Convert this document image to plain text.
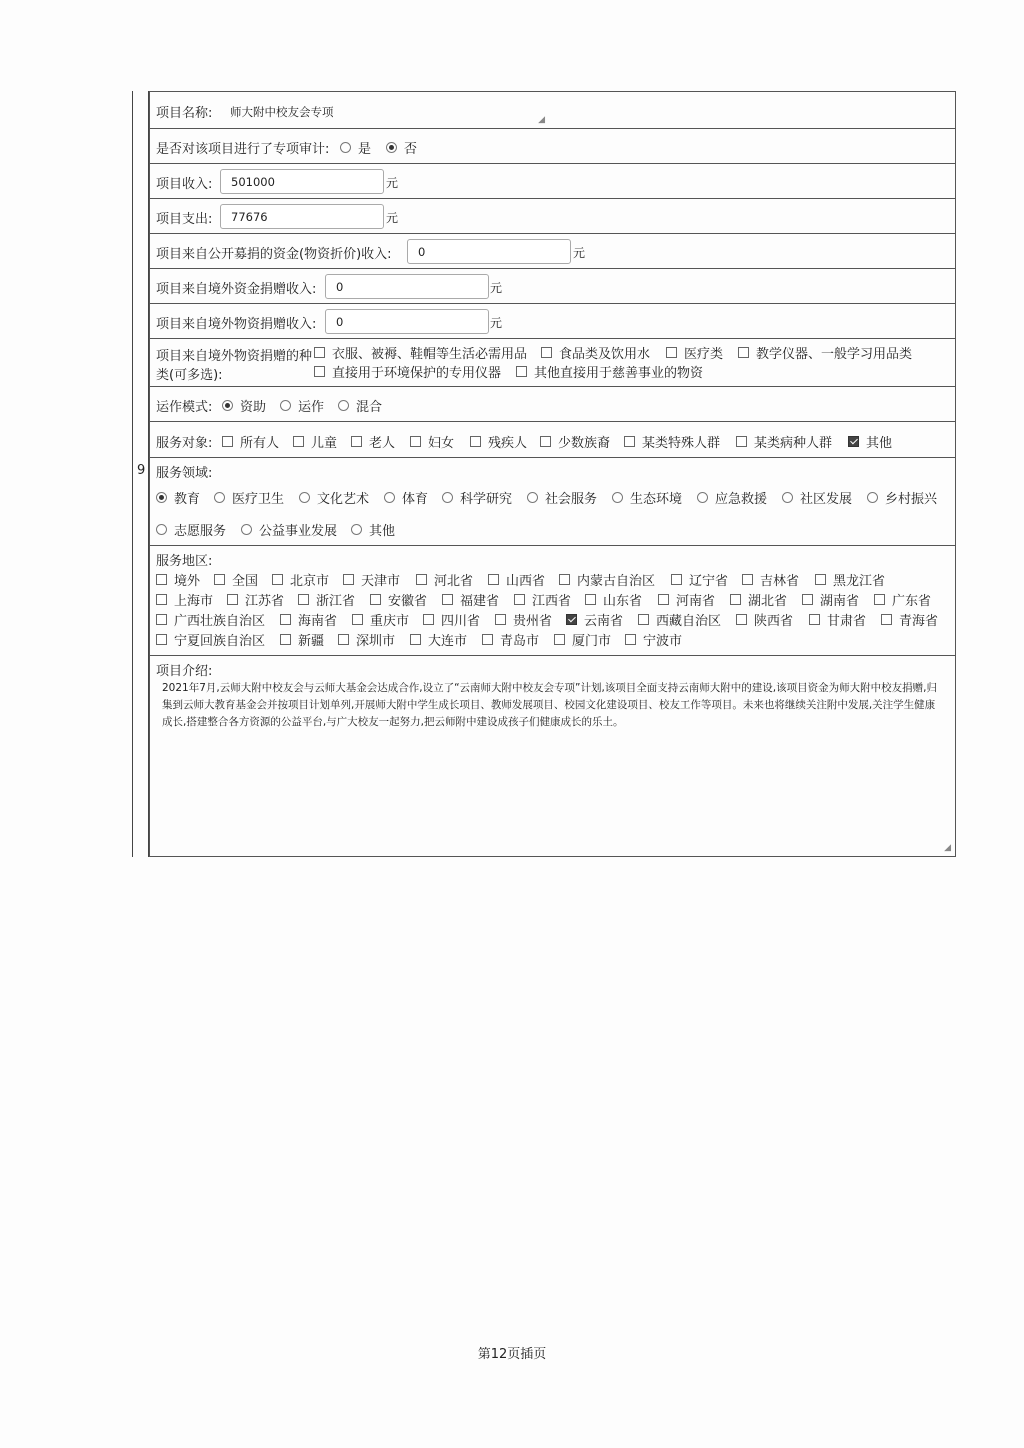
9
项目名称: 师大附中校友会专项
◢
是否对该项目进行了专项审计: 是	否
项目收入:	501000	元
项目支出:	77676	元
项目来自公开募捐的资金(物资折价)收入:	0	元
项目来自境外资金捐赠收入:	0	元
项目来自境外物资捐赠收入:	0	元
项目来自境外物资捐赠的种
类(可多选):
衣服、被褥、鞋帽等生活必需用品 食品类及饮用水	医疗类	教学仪器、一般学习用品类
直接用于环境保护的专用仪器	其他直接用于慈善事业的物资
运作模式: 资助 运作 混合
服务对象: 所有人 儿童 老人	妇女	残疾人 少数族裔 某类特殊人群	某类病种人群	其他
服务领域:
教育 医疗卫生	文化艺术	体育 科学研究	社会服务	生态环境	应急救援	社区发展	乡村振兴
志愿服务	公益事业发展 其他
服务地区:
境外 全国 北京市 天津市	河北省	山西省 内蒙古自治区	辽宁省 吉林省	黑龙江省
上海市 江苏省 浙江省	安徽省	福建省	江西省 山东省	河南省	湖北省	湖南省	广东省
广西壮族自治区	海南省	重庆市 四川省	贵州省 云南省	西藏自治区	陕西省	甘肃省	青海省
宁夏回族自治区	新疆 深圳市	大连市	青岛市	厦门市 宁波市
项目介绍:
2021年7月,云师大附中校友会与云师大基金会达成合作,设立了“云南师大附中校友会专项”计划,该项目全面支持云南师大附中的建设,该项目资金为师大附中校友捐赠,归集到云师大教育基金会并按项目计划单列,开展师大附中学生成长项目、教师发展项目、校园文化建设项目、校友工作等项目。未来也将继续关注附中发展,关注学生健康成长,搭建整合各方资源的公益平台,与广大校友一起努力,把云师附中建设成孩子们健康成长的乐土。
◢
第12页插页
